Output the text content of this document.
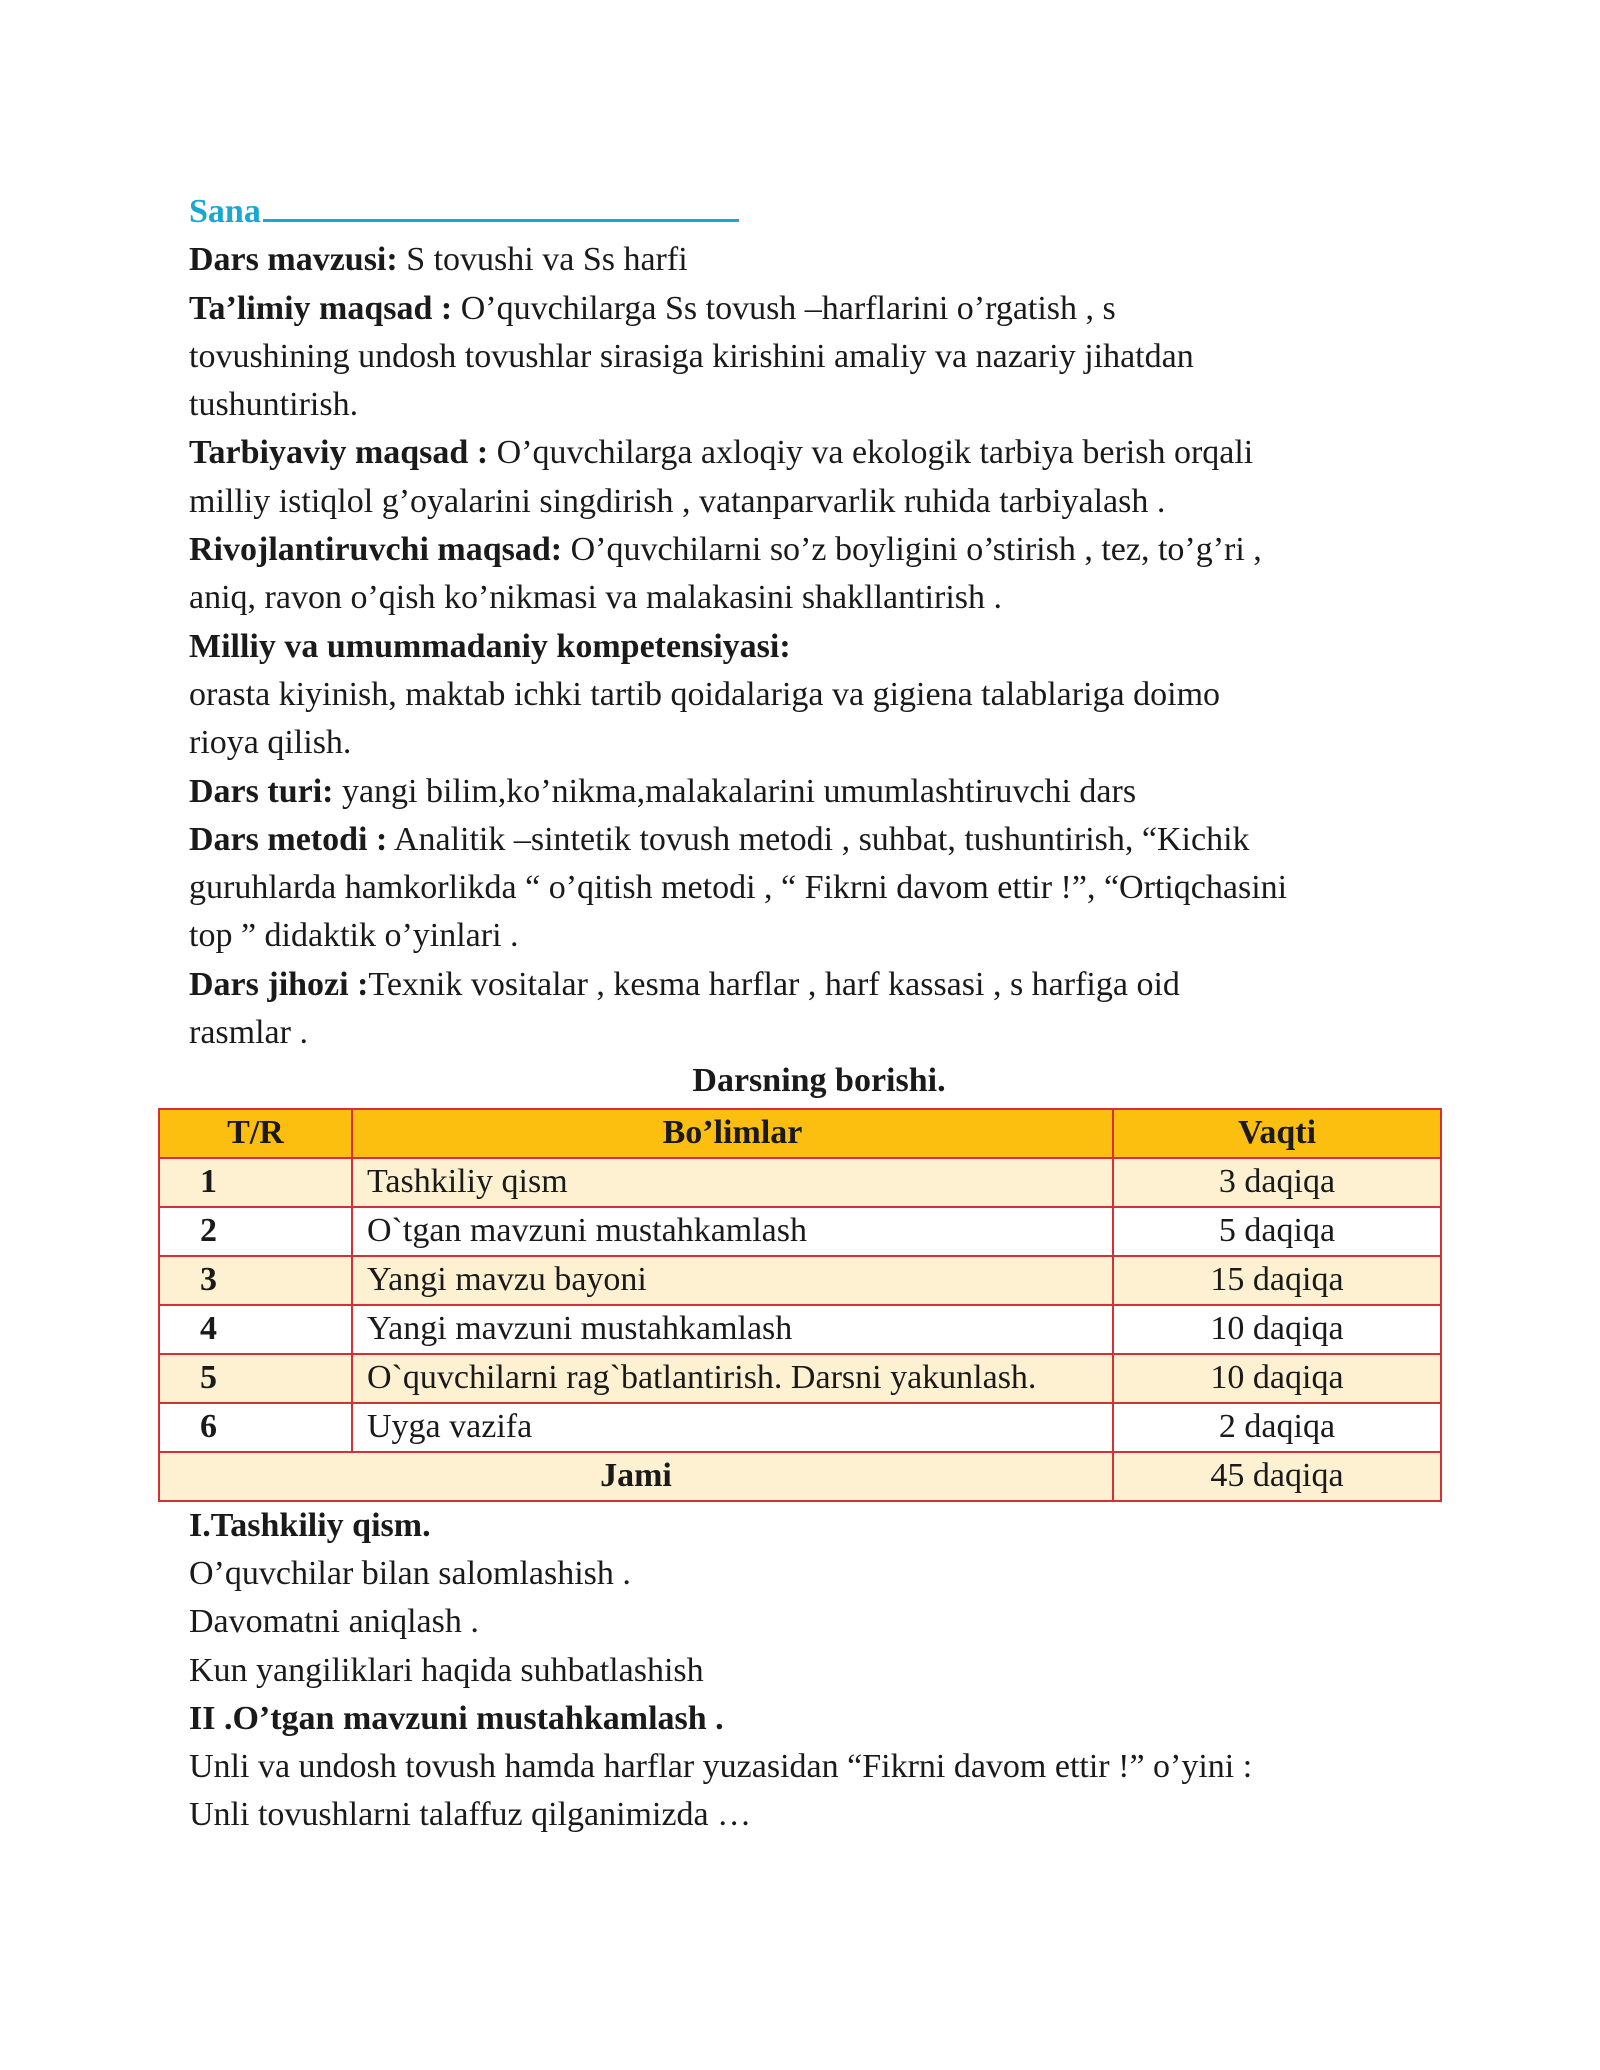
Sana
Dars mavzusi: S tovushi va Ss harfi
Ta’limiy maqsad : O’quvchilarga Ss tovush –harflarini o’rgatish , s
tovushining undosh tovushlar sirasiga kirishini amaliy va nazariy jihatdan
tushuntirish.
Tarbiyaviy maqsad : O’quvchilarga axloqiy va ekologik tarbiya berish orqali
milliy istiqlol g’oyalarini singdirish , vatanparvarlik ruhida tarbiyalash .
Rivojlantiruvchi maqsad: O’quvchilarni so’z boyligini o’stirish , tez, to’g’ri ,
aniq, ravon o’qish ko’nikmasi va malakasini shakllantirish .
Milliy va umummadaniy kompetensiyasi:
orasta kiyinish, maktab ichki tartib qoidalariga va gigiena talablariga doimo
rioya qilish.
Dars turi: yangi bilim,ko’nikma,malakalarini umumlashtiruvchi dars
Dars metodi : Analitik –sintetik tovush metodi , suhbat, tushuntirish, “Kichik
guruhlarda hamkorlikda “ o’qitish metodi , “ Fikrni davom ettir !”, “Ortiqchasini
top ” didaktik o’yinlari .
Dars jihozi :Texnik vositalar , kesma harflar , harf kassasi , s harfiga oid
rasmlar .
Darsning borishi.
T/R	Bo’limlar	Vaqti
1	Tashkiliy qism	3 daqiqa
2	O`tgan mavzuni mustahkamlash	5 daqiqa
3	Yangi mavzu bayoni	15 daqiqa
4	Yangi mavzuni mustahkamlash	10 daqiqa
5	O`quvchilarni rag`batlantirish. Darsni yakunlash.	10 daqiqa
6	Uyga vazifa	2 daqiqa
Jami		45 daqiqa
I.Tashkiliy qism.
O’quvchilar bilan salomlashish .
Davomatni aniqlash .
Kun yangiliklari haqida suhbatlashish
II .O’tgan mavzuni mustahkamlash .
Unli va undosh tovush hamda harflar yuzasidan “Fikrni davom ettir !” o’yini :
Unli tovushlarni talaffuz qilganimizda …
